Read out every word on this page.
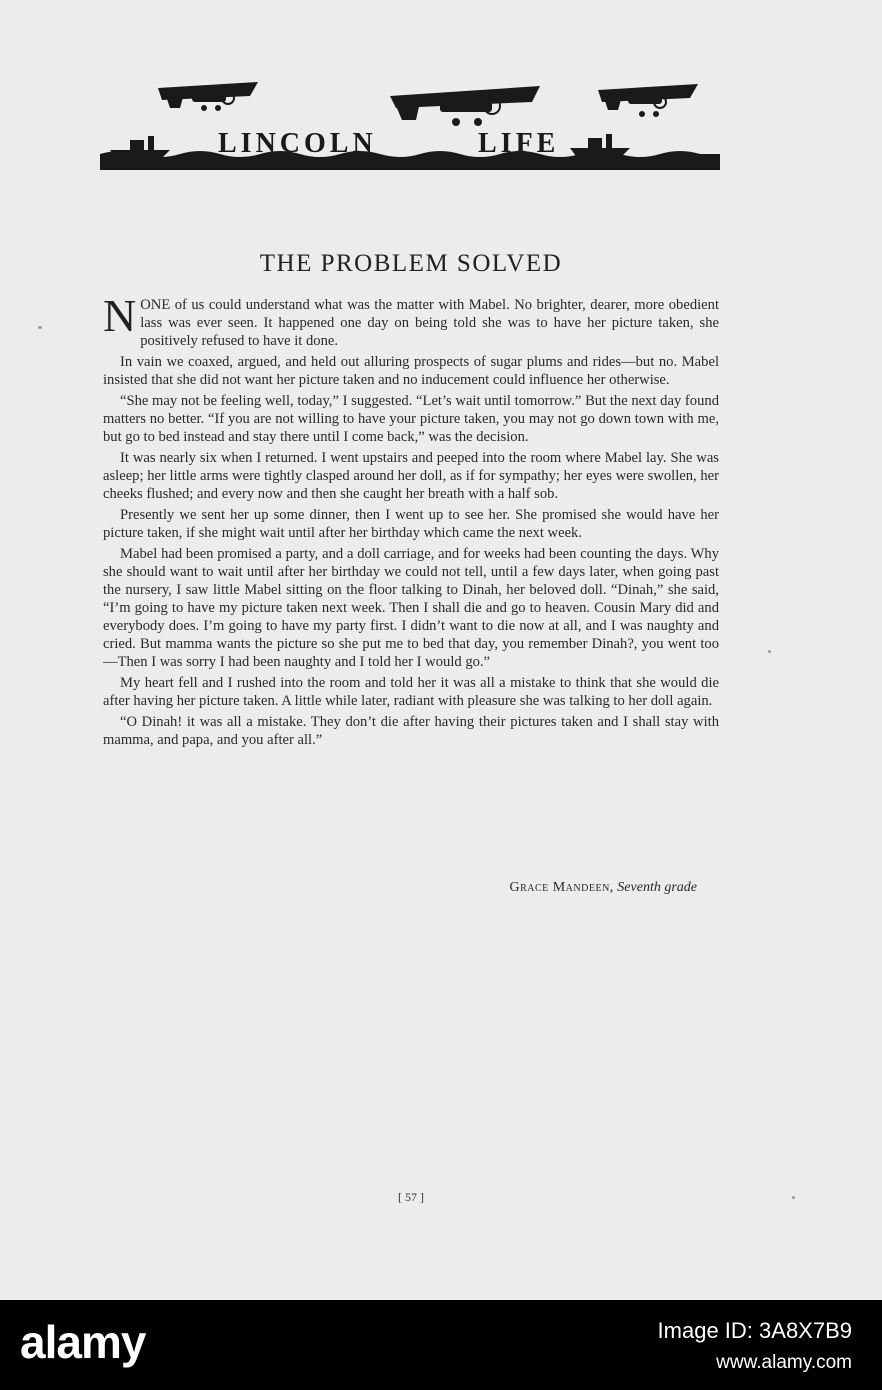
LINCOLN	LIFE
THE PROBLEM SOLVED

NONE of us could understand what was the matter with Mabel. No brighter, dearer, more obedient lass was ever seen. It happened one day on being told she was to have her picture taken, she positively refused to have it done.

In vain we coaxed, argued, and held out alluring prospects of sugar plums and rides—but no. Mabel insisted that she did not want her picture taken and no inducement could influence her otherwise.

“She may not be feeling well, today,” I suggested. “Let’s wait until tomorrow.” But the next day found matters no better. “If you are not willing to have your picture taken, you may not go down town with me, but go to bed instead and stay there until I come back,” was the decision.

It was nearly six when I returned. I went upstairs and peeped into the room where Mabel lay. She was asleep; her little arms were tightly clasped around her doll, as if for sympathy; her eyes were swollen, her cheeks flushed; and every now and then she caught her breath with a half sob.

Presently we sent her up some dinner, then I went up to see her. She promised she would have her picture taken, if she might wait until after her birthday which came the next week.

Mabel had been promised a party, and a doll carriage, and for weeks had been counting the days. Why she should want to wait until after her birthday we could not tell, until a few days later, when going past the nursery, I saw little Mabel sitting on the floor talking to Dinah, her beloved doll. “Dinah,” she said, “I’m going to have my picture taken next week. Then I shall die and go to heaven. Cousin Mary did and everybody does. I’m going to have my party first. I didn’t want to die now at all, and I was naughty and cried. But mamma wants the picture so she put me to bed that day, you remember Dinah?, you went too—Then I was sorry I had been naughty and I told her I would go.”

My heart fell and I rushed into the room and told her it was all a mistake to think that she would die after having her picture taken. A little while later, radiant with pleasure she was talking to her doll again.

“O Dinah! it was all a mistake. They don’t die after having their pictures taken and I shall stay with mamma, and papa, and you after all.”

Grace Mandeen, Seventh grade
[ 57 ]
alamy	Image ID: 3A8X7B9
www.alamy.com
